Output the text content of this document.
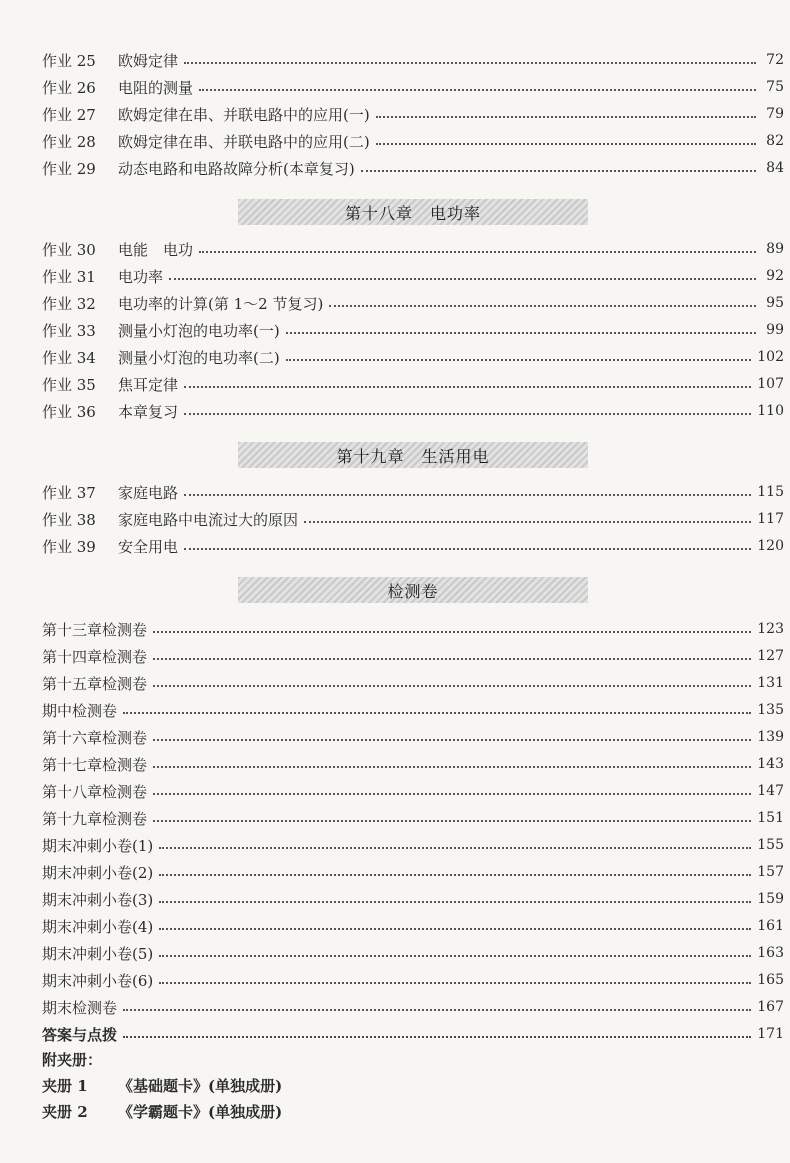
作业 25	欧姆定律	72
作业 26	电阻的测量	75
作业 27	欧姆定律在串、并联电路中的应用(一)	79
作业 28	欧姆定律在串、并联电路中的应用(二)	82
作业 29	动态电路和电路故障分析(本章复习)	84
第十八章　电功率
作业 30	电能　电功	89
作业 31	电功率	92
作业 32	电功率的计算(第 1～2 节复习)	95
作业 33	测量小灯泡的电功率(一)	99
作业 34	测量小灯泡的电功率(二)	102
作业 35	焦耳定律	107
作业 36	本章复习	110
第十九章　生活用电
作业 37	家庭电路	115
作业 38	家庭电路中电流过大的原因	117
作业 39	安全用电	120
检测卷
第十三章检测卷	123
第十四章检测卷	127
第十五章检测卷	131
期中检测卷	135
第十六章检测卷	139
第十七章检测卷	143
第十八章检测卷	147
第十九章检测卷	151
期末冲刺小卷(1)	155
期末冲刺小卷(2)	157
期末冲刺小卷(3)	159
期末冲刺小卷(4)	161
期末冲刺小卷(5)	163
期末冲刺小卷(6)	165
期末检测卷	167
答案与点拨	171
附夹册：
夹册 1	《基础题卡》(单独成册)
夹册 2	《学霸题卡》(单独成册)
